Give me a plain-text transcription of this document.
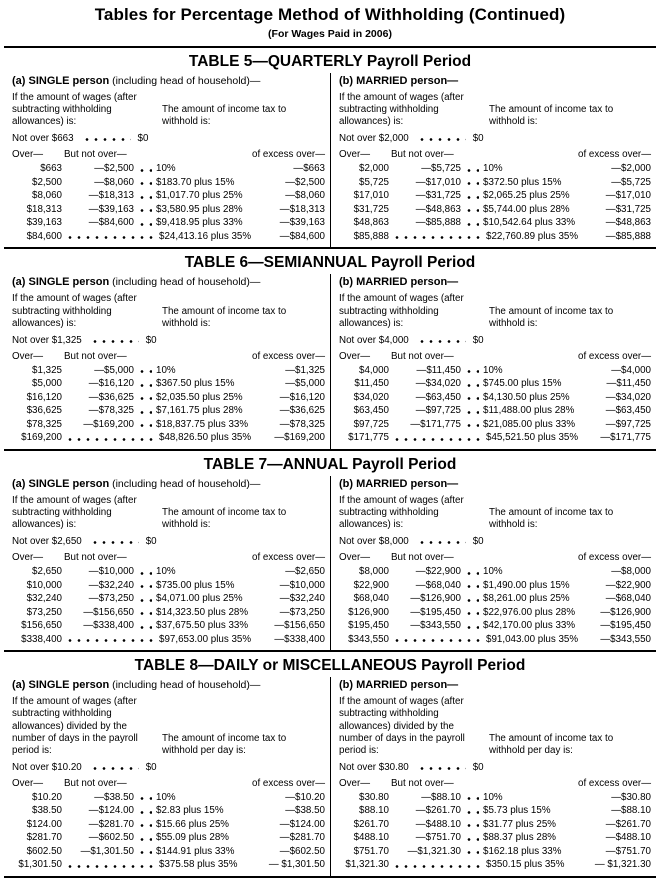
Tables for Percentage Method of Withholding (Continued)
(For Wages Paid in 2006)
TABLE 5—QUARTERLY Payroll Period
(a) SINGLE person (including head of household)—
If the amount of wages (after subtracting withholding allowances) is:
The amount of income tax to withhold is:
Not over $663	$0
Over—	But not over—	of excess over—
$663	—$2,500 10%	—$663
$2,500	—$8,060 $183.70 plus 15%	—$2,500
$8,060	—$18,313 $1,017.70 plus 25%	—$8,060
$18,313	—$39,163 $3,580.95 plus 28%	—$18,313
$39,163	—$84,600 $9,418.95 plus 33%	—$39,163
$84,600	$24,413.16 plus 35%	—$84,600
(b) MARRIED person—
If the amount of wages (after subtracting withholding allowances) is:
The amount of income tax to withhold is:
Not over $2,000	$0
Over—	But not over—	of excess over—
$2,000	—$5,725 10%	—$2,000
$5,725	—$17,010 $372.50 plus 15%	—$5,725
$17,010	—$31,725 $2,065.25 plus 25%	—$17,010
$31,725	—$48,863 $5,744.00 plus 28%	—$31,725
$48,863	—$85,888 $10,542.64 plus 33%	—$48,863
$85,888	$22,760.89 plus 35%	—$85,888
TABLE 6—SEMIANNUAL Payroll Period
(a) SINGLE person (including head of household)—
If the amount of wages (after subtracting withholding allowances) is:
The amount of income tax to withhold is:
Not over $1,325	$0
Over—	But not over—	of excess over—
$1,325	—$5,000 10%	—$1,325
$5,000	—$16,120 $367.50 plus 15%	—$5,000
$16,120	—$36,625 $2,035.50 plus 25%	—$16,120
$36,625	—$78,325 $7,161.75 plus 28%	—$36,625
$78,325	—$169,200 $18,837.75 plus 33%	—$78,325
$169,200	$48,826.50 plus 35%	—$169,200
(b) MARRIED person—
If the amount of wages (after subtracting withholding allowances) is:
The amount of income tax to withhold is:
Not over $4,000	$0
Over—	But not over—	of excess over—
$4,000	—$11,450 10%	—$4,000
$11,450	—$34,020 $745.00 plus 15%	—$11,450
$34,020	—$63,450 $4,130.50 plus 25%	—$34,020
$63,450	—$97,725 $11,488.00 plus 28%	—$63,450
$97,725	—$171,775 $21,085.00 plus 33%	—$97,725
$171,775	$45,521.50 plus 35%	—$171,775
TABLE 7—ANNUAL Payroll Period
(a) SINGLE person (including head of household)—
If the amount of wages (after subtracting withholding allowances) is:
The amount of income tax to withhold is:
Not over $2,650	$0
Over—	But not over—	of excess over—
$2,650	—$10,000 10%	—$2,650
$10,000	—$32,240 $735.00 plus 15%	—$10,000
$32,240	—$73,250 $4,071.00 plus 25%	—$32,240
$73,250	—$156,650 $14,323.50 plus 28%	—$73,250
$156,650	—$338,400 $37,675.50 plus 33%	—$156,650
$338,400	$97,653.00 plus 35%	—$338,400
(b) MARRIED person—
If the amount of wages (after subtracting withholding allowances) is:
The amount of income tax to withhold is:
Not over $8,000	$0
Over—	But not over—	of excess over—
$8,000	—$22,900 10%	—$8,000
$22,900	—$68,040 $1,490.00 plus 15%	—$22,900
$68,040	—$126,900 $8,261.00 plus 25%	—$68,040
$126,900	—$195,450 $22,976.00 plus 28%	—$126,900
$195,450	—$343,550 $42,170.00 plus 33%	—$195,450
$343,550	$91,043.00 plus 35%	—$343,550
TABLE 8—DAILY or MISCELLANEOUS Payroll Period
(a) SINGLE person (including head of household)—
If the amount of wages (after subtracting withholding allowances) divided by the number of days in the payroll period is:
The amount of income tax to withhold per day is:
Not over $10.20	$0
Over—	But not over—	of excess over—
$10.20	—$38.50 10%	—$10.20
$38.50	—$124.00 $2.83 plus 15%	—$38.50
$124.00	—$281.70 $15.66 plus 25%	—$124.00
$281.70	—$602.50 $55.09 plus 28%	—$281.70
$602.50	—$1,301.50 $144.91 plus 33%	—$602.50
$1,301.50	$375.58 plus 35%	— $1,301.50
(b) MARRIED person—
If the amount of wages (after subtracting withholding allowances) divided by the number of days in the payroll period is:
The amount of income tax to withhold per day is:
Not over $30.80	$0
Over—	But not over—	of excess over—
$30.80	—$88.10 10%	—$30.80
$88.10	—$261.70 $5.73 plus 15%	—$88.10
$261.70	—$488.10 $31.77 plus 25%	—$261.70
$488.10	—$751.70 $88.37 plus 28%	—$488.10
$751.70	—$1,321.30 $162.18 plus 33%	—$751.70
$1,321.30	$350.15 plus 35%	— $1,321.30
